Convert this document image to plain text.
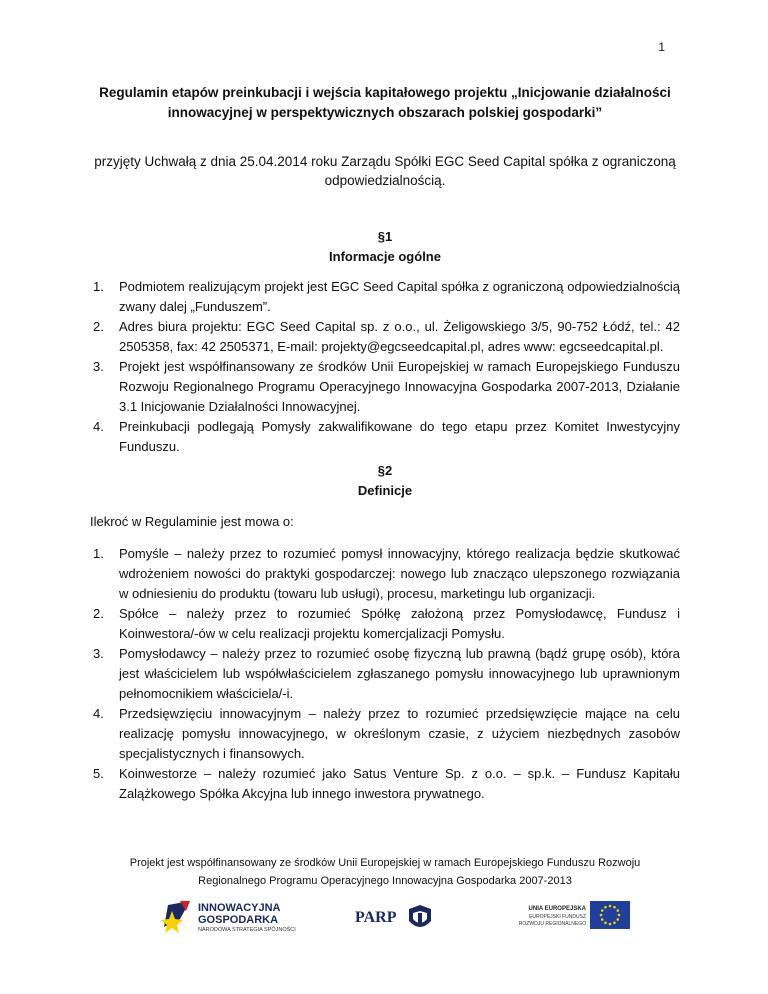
1
Regulamin etapów preinkubacji i wejścia kapitałowego projektu „Inicjowanie działalności innowacyjnej w perspektywicznych obszarach polskiej gospodarki”
przyjęty Uchwałą z dnia 25.04.2014 roku Zarządu Spółki EGC Seed Capital spółka z ograniczoną odpowiedzialnością.
§1
Informacje ogólne
1. Podmiotem realizującym projekt jest EGC Seed Capital spółka z ograniczoną odpowiedzialnością zwany dalej „Funduszem”.
2. Adres biura projektu: EGC Seed Capital sp. z o.o., ul. Żeligowskiego 3/5, 90-752 Łódź, tel.: 42 2505358, fax: 42 2505371, E-mail: projekty@egcseedcapital.pl, adres www: egcseedcapital.pl.
3. Projekt jest współfinansowany ze środków Unii Europejskiej w ramach Europejskiego Funduszu Rozwoju Regionalnego Programu Operacyjnego Innowacyjna Gospodarka 2007-2013, Działanie 3.1 Inicjowanie Działalności Innowacyjnej.
4. Preinkubacji podlegają Pomysły zakwalifikowane do tego etapu przez Komitet Inwestycyjny Funduszu.
§2
Definicje
Ilekroć w Regulaminie jest mowa o:
1. Pomyśle – należy przez to rozumieć pomysł innowacyjny, którego realizacja będzie skutkować wdrożeniem nowości do praktyki gospodarczej: nowego lub znacząco ulepszonego rozwiązania w odniesieniu do produktu (towaru lub usługi), procesu, marketingu lub organizacji.
2. Spółce – należy przez to rozumieć Spółkę założoną przez Pomysłodawcę, Fundusz i Koinwestora/-ów w celu realizacji projektu komercjalizacji Pomysłu.
3. Pomysłodawcy – należy przez to rozumieć osobę fizyczną lub prawną (bądź grupę osób), która jest właścicielem lub współwłaścicielem zgłaszanego pomysłu innowacyjnego lub uprawnionym pełnomocnikiem właściciela/-i.
4. Przedsięwzięciu innowacyjnym – należy przez to rozumieć przedsięwzięcie mające na celu realizację pomysłu innowacyjnego, w określonym czasie, z użyciem niezbędnych zasobów specjalistycznych i finansowych.
5. Koinwestorze – należy rozumieć jako Satus Venture Sp. z o.o. – sp.k. – Fundusz Kapitału Zalążkowego Spółka Akcyjna lub innego inwestora prywatnego.
Projekt jest współfinansowany ze środków Unii Europejskiej w ramach Europejskiego Funduszu Rozwoju
Regionalnego Programu Operacyjnego Innowacyjna Gospodarka 2007-2013
INNOWACYJNA
GOSPODARKA
NARODOWA STRATEGIA SPÓJNOŚCI
PARP	UNIA EUROPEJSKA
EUROPEJSKI FUNDUSZ
ROZWOJU REGIONALNEGO
